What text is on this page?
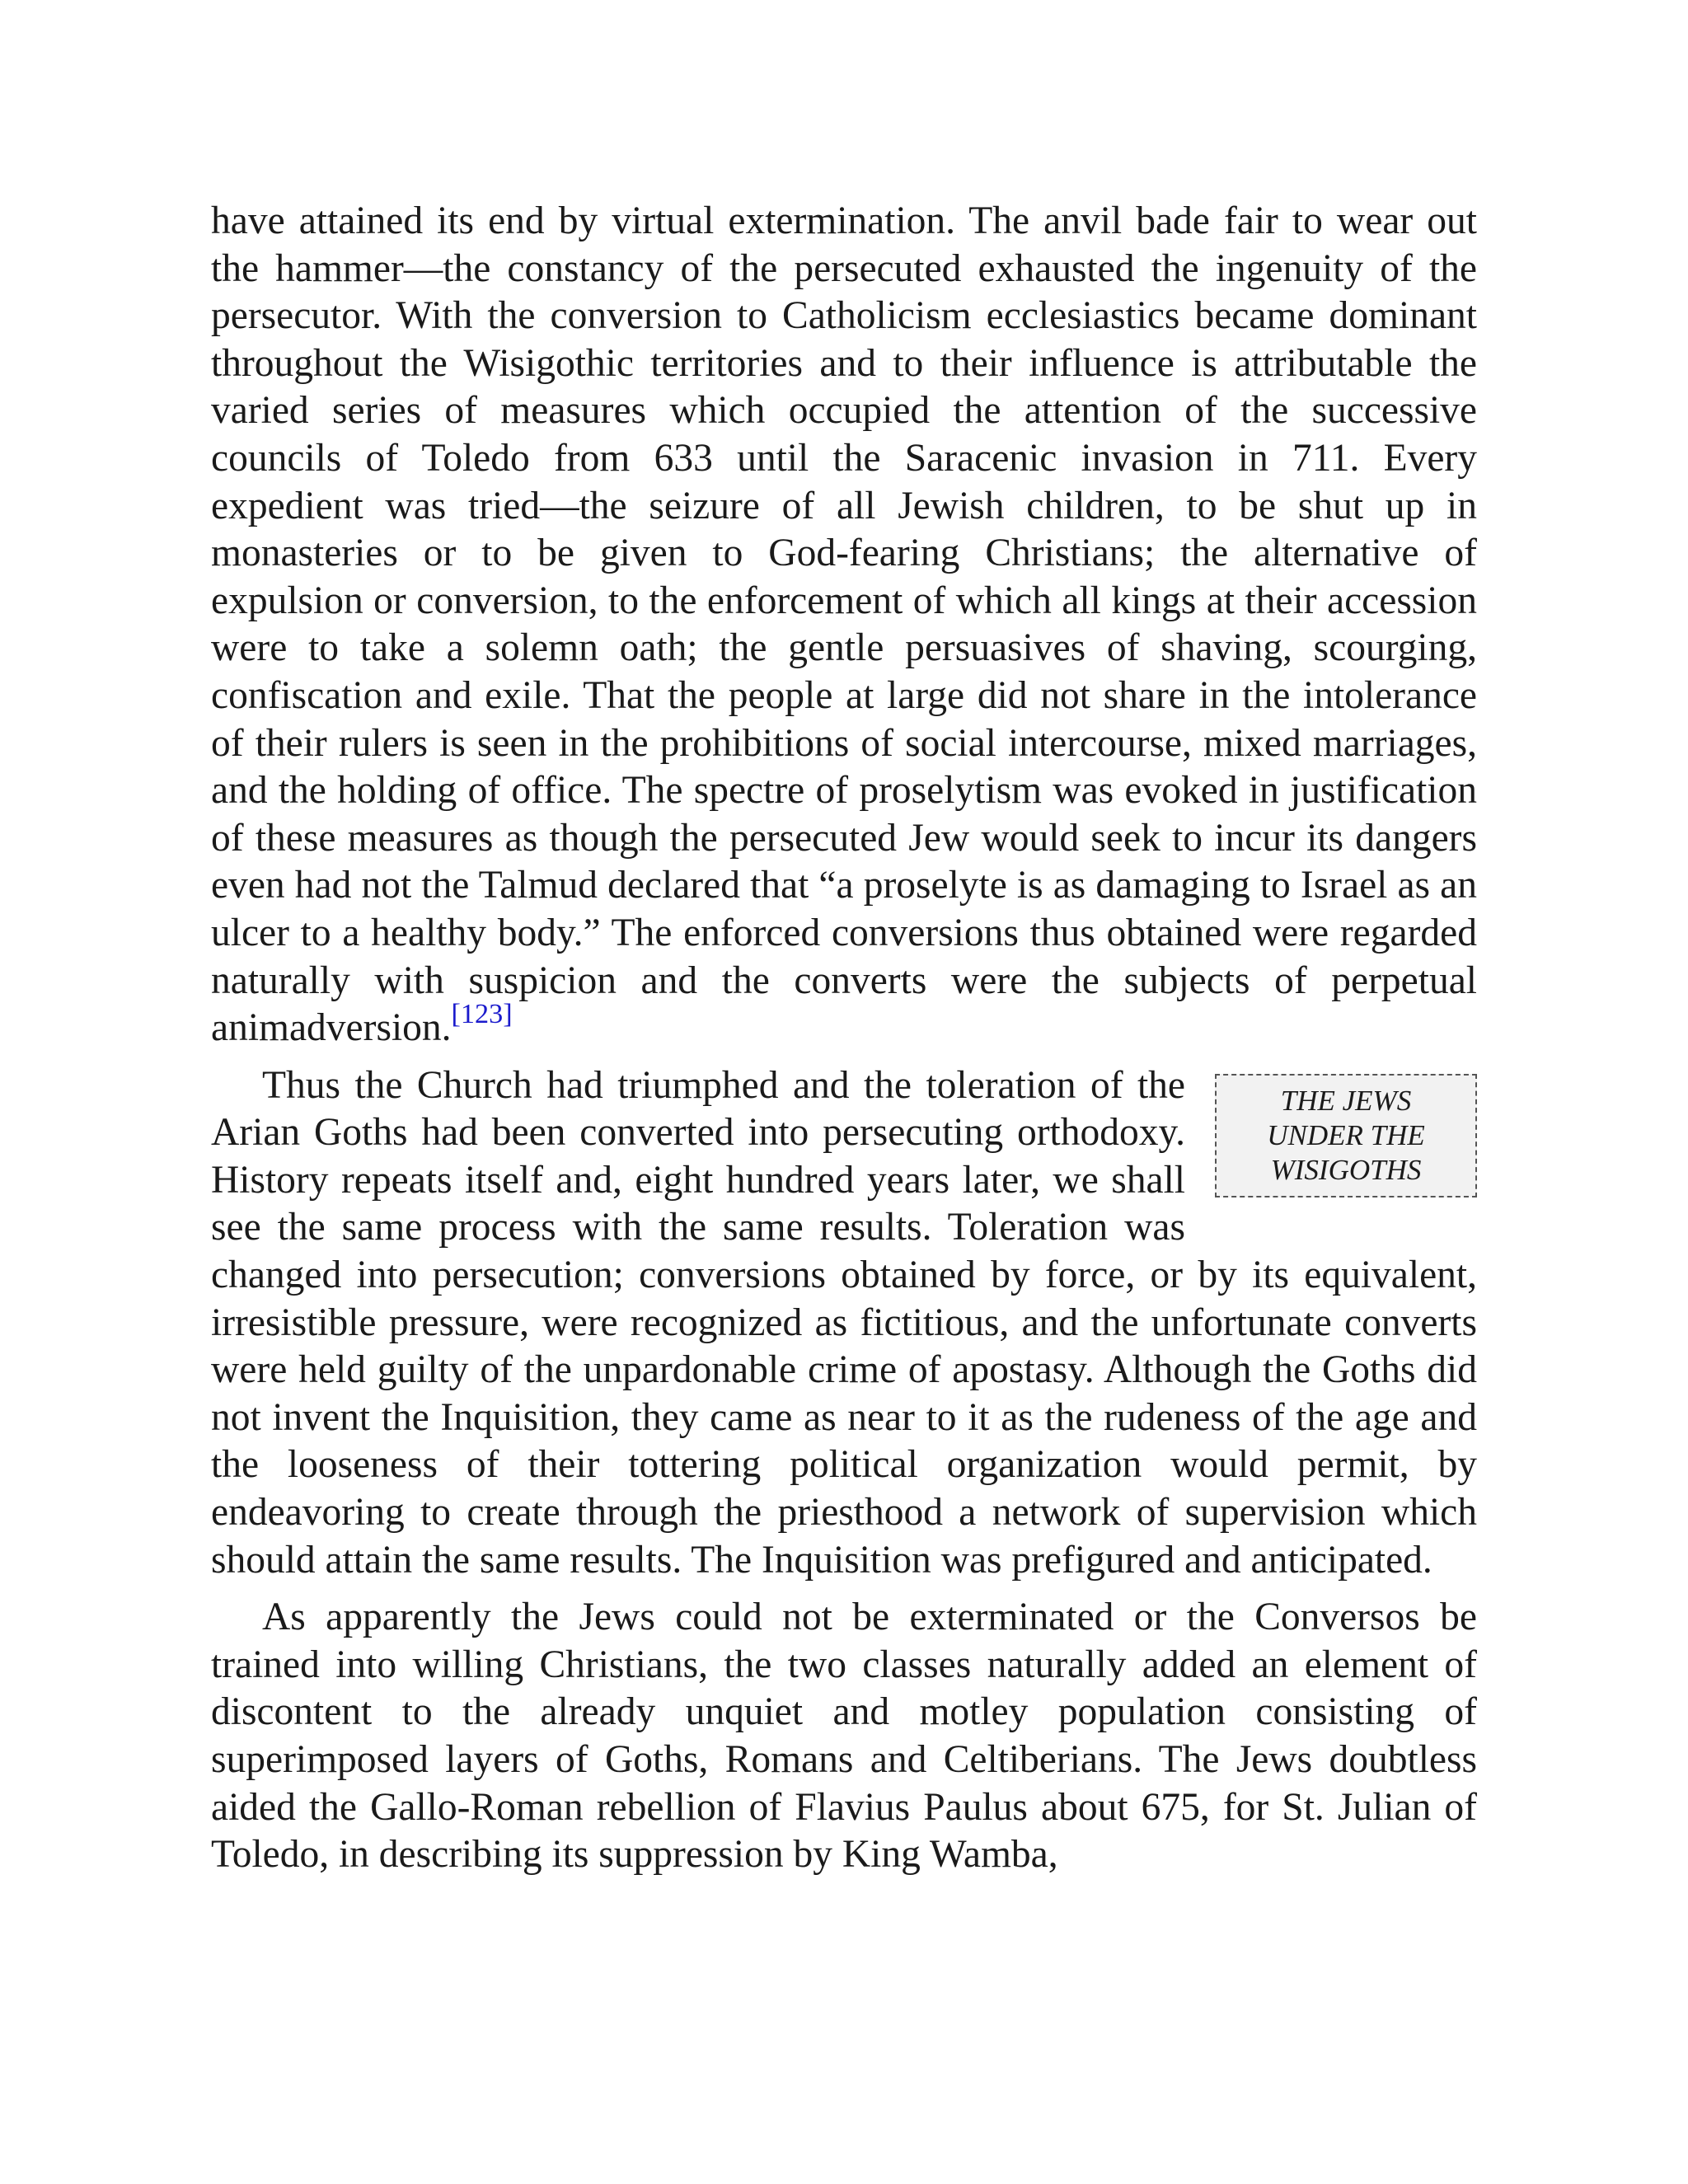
have attained its end by virtual extermination. The anvil bade fair to wear out the hammer—the constancy of the persecuted exhausted the ingenuity of the persecutor. With the conversion to Catholicism ecclesiastics became dominant throughout the Wisigothic territories and to their influence is attributable the varied series of measures which occupied the attention of the successive councils of Toledo from 633 until the Saracenic invasion in 711. Every expedient was tried—the seizure of all Jewish children, to be shut up in monasteries or to be given to God-fearing Christians; the alternative of expulsion or conversion, to the enforcement of which all kings at their accession were to take a solemn oath; the gentle persuasives of shaving, scourging, confiscation and exile. That the people at large did not share in the intolerance of their rulers is seen in the prohibitions of social intercourse, mixed marriages, and the holding of office. The spectre of proselytism was evoked in justification of these measures as though the persecuted Jew would seek to incur its dangers even had not the Talmud declared that “a proselyte is as damaging to Israel as an ulcer to a healthy body.” The enforced conversions thus obtained were regarded naturally with suspicion and the converts were the subjects of perpetual animadversion.[123]

THE JEWS
UNDER THE
WISIGOTHS
Thus the Church had triumphed and the toleration of the Arian Goths had been converted into persecuting orthodoxy. History repeats itself and, eight hundred years later, we shall see the same process with the same results. Toleration was changed into persecution; conversions obtained by force, or by its equivalent, irresistible pressure, were recognized as fictitious, and the unfortunate converts were held guilty of the unpardonable crime of apostasy. Although the Goths did not invent the Inquisition, they came as near to it as the rudeness of the age and the looseness of their tottering political organization would permit, by endeavoring to create through the priesthood a network of supervision which should attain the same results. The Inquisition was prefigured and anticipated.

As apparently the Jews could not be exterminated or the Conversos be trained into willing Christians, the two classes naturally added an element of discontent to the already unquiet and motley population consisting of superimposed layers of Goths, Romans and Celtiberians. The Jews doubtless aided the Gallo-Roman rebellion of Flavius Paulus about 675, for St. Julian of Toledo, in describing its suppression by King Wamba,
